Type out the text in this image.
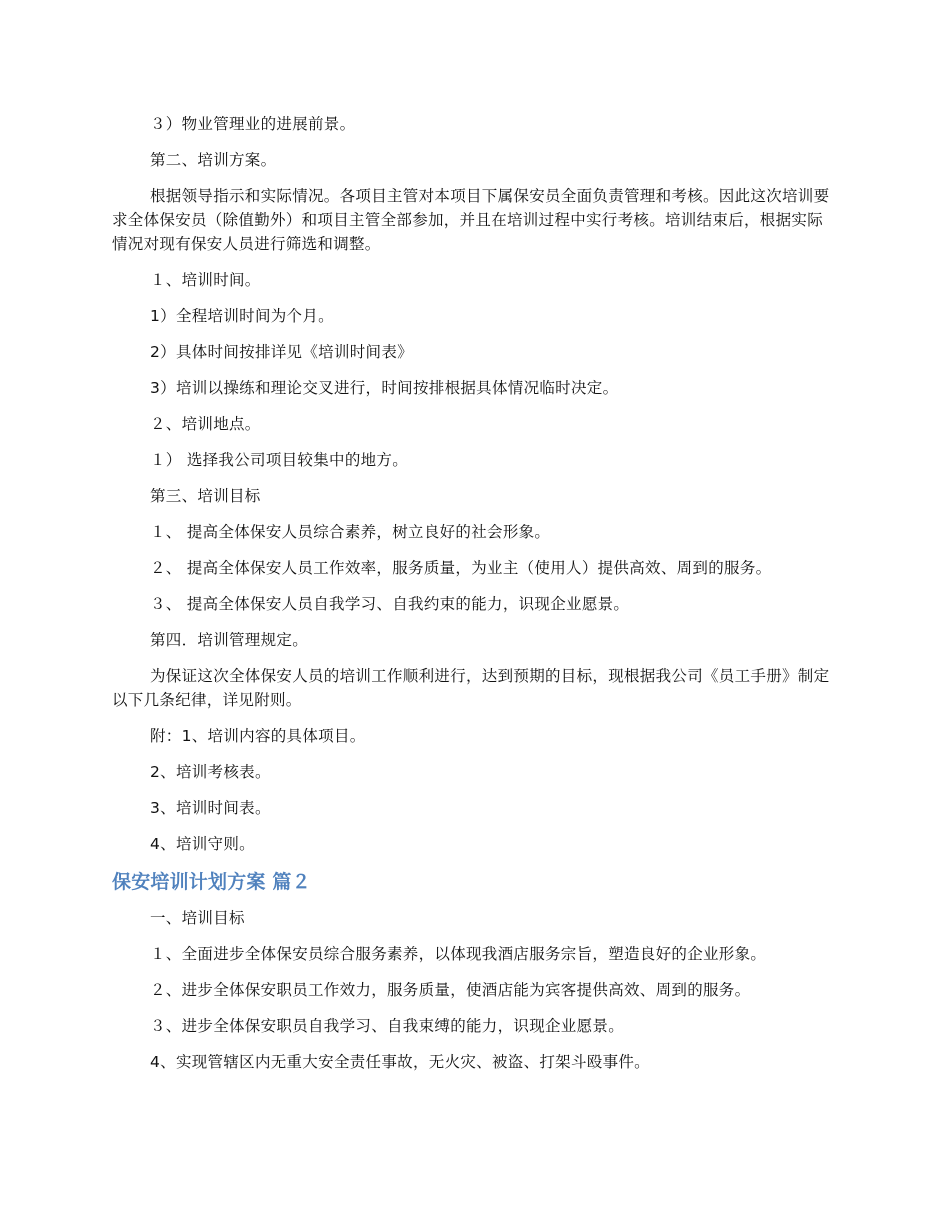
３）物业管理业的进展前景。

第二、培训方案。

根据领导指示和实际情况。各项目主管对本项目下属保安员全面负责管理和考核。因此这次培训要求全体保安员（除值勤外）和项目主管全部参加，并且在培训过程中实行考核。培训结束后，根据实际情况对现有保安人员进行筛选和调整。

１、培训时间。

1）全程培训时间为个月。

2）具体时间按排详见《培训时间表》

3）培训以操练和理论交叉进行，时间按排根据具体情况临时决定。

２、培训地点。

１） 选择我公司项目较集中的地方。

第三、培训目标

１、 提高全体保安人员综合素养，树立良好的社会形象。

２、 提高全体保安人员工作效率，服务质量，为业主（使用人）提供高效、周到的服务。

３、 提高全体保安人员自我学习、自我约束的能力，识现企业愿景。

第四．培训管理规定。

为保证这次全体保安人员的培训工作顺利进行，达到预期的目标，现根据我公司《员工手册》制定以下几条纪律，详见附则。

附：1、培训内容的具体项目。

2、培训考核表。

3、培训时间表。

4、培训守则。

保安培训计划方案 篇２

一、培训目标

１、全面进步全体保安员综合服务素养，以体现我酒店服务宗旨，塑造良好的企业形象。

２、进步全体保安职员工作效力，服务质量，使酒店能为宾客提供高效、周到的服务。

３、进步全体保安职员自我学习、自我束缚的能力，识现企业愿景。

4、实现管辖区内无重大安全责任事故，无火灾、被盗、打架斗殴事件。
